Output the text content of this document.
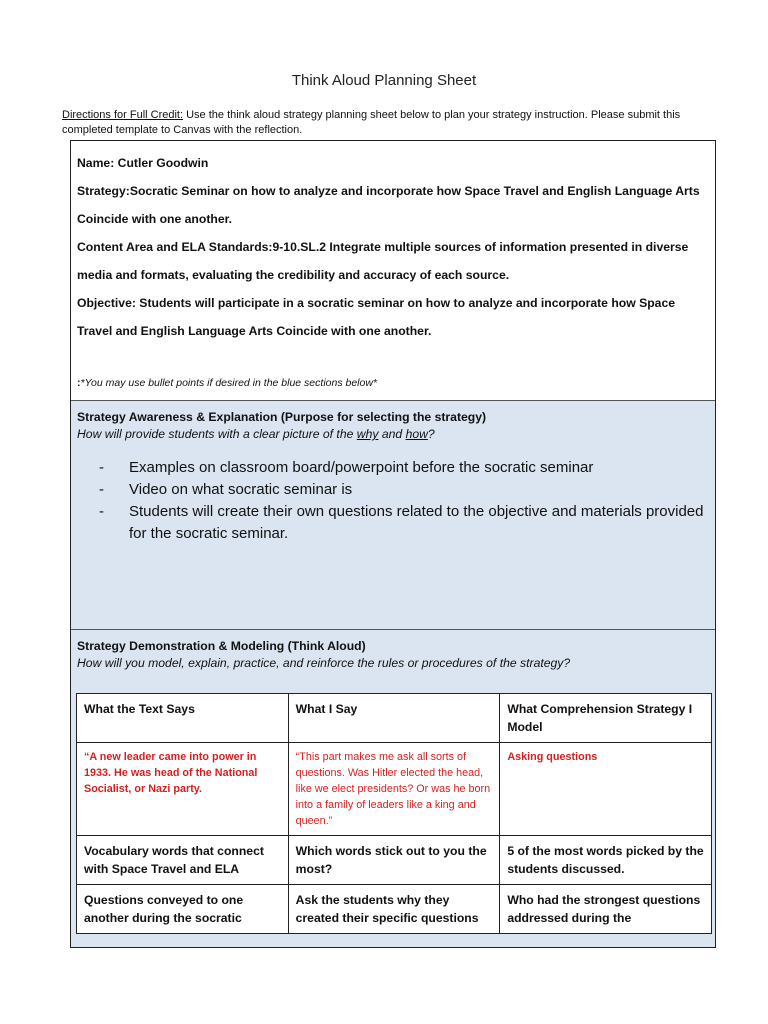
Think Aloud Planning Sheet
Directions for Full Credit: Use the think aloud strategy planning sheet below to plan your strategy instruction. Please submit this completed template to Canvas with the reflection.
Name: Cutler Goodwin
Strategy:Socratic Seminar on how to analyze and incorporate how Space Travel and English Language Arts Coincide with one another.
Content Area and ELA Standards:9-10.SL.2 Integrate multiple sources of information presented in diverse media and formats, evaluating the credibility and accuracy of each source.
Objective: Students will participate in a socratic seminar on how to analyze and incorporate how Space Travel and English Language Arts Coincide with one another.
:*You may use bullet points if desired in the blue sections below*
Strategy Awareness & Explanation (Purpose for selecting the strategy)
How will provide students with a clear picture of the why and how?
- Examples on classroom board/powerpoint before the socratic seminar
- Video on what socratic seminar is
- Students will create their own questions related to the objective and materials provided for the socratic seminar.
Strategy Demonstration & Modeling (Think Aloud)
How will you model, explain, practice, and reinforce the rules or procedures of the strategy?
What the Text Says	What I Say	What Comprehension Strategy I Model
“A new leader came into power in 1933. He was head of the National Socialist, or Nazi party.	“This part makes me ask all sorts of questions. Was Hitler elected the head, like we elect presidents? Or was he born into a family of leaders like a king and queen.”	Asking questions
Vocabulary words that connect with Space Travel and ELA	Which words stick out to you the most?	5 of the most words picked by the students discussed.
Questions conveyed to one another during the socratic	Ask the students why they created their specific questions	Who had the strongest questions addressed during the
